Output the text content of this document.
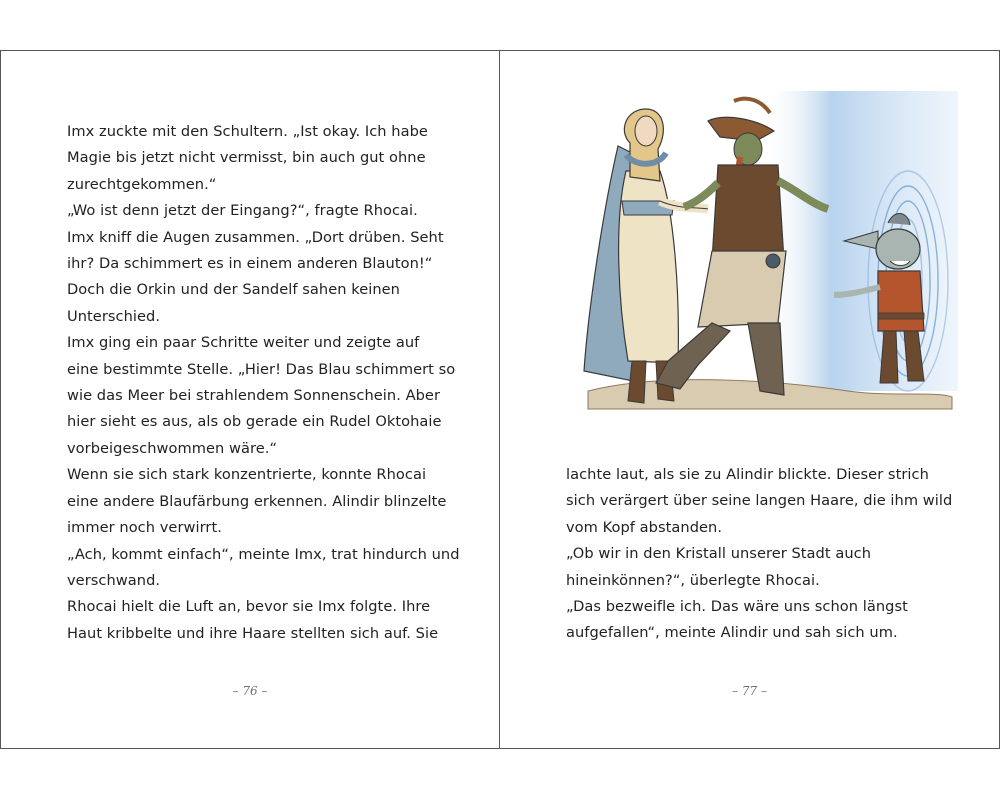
Imx zuckte mit den Schultern. „Ist okay. Ich habe
Magie bis jetzt nicht vermisst, bin auch gut ohne
zurechtgekommen.“
„Wo ist denn jetzt der Eingang?“, fragte Rhocai.
Imx kniff die Augen zusammen. „Dort drüben. Seht
ihr? Da schimmert es in einem anderen Blauton!“
Doch die Orkin und der Sandelf sahen keinen
Unterschied.
Imx ging ein paar Schritte weiter und zeigte auf
eine bestimmte Stelle. „Hier! Das Blau schimmert so
wie das Meer bei strahlendem Sonnenschein. Aber
hier sieht es aus, als ob gerade ein Rudel Oktohaie
vorbeigeschwommen wäre.“
Wenn sie sich stark konzentrierte, konnte Rhocai
eine andere Blaufärbung erkennen. Alindir blinzelte
immer noch verwirrt.
„Ach, kommt einfach“, meinte Imx, trat hindurch und
verschwand.
Rhocai hielt die Luft an, bevor sie Imx folgte. Ihre
Haut kribbelte und ihre Haare stellten sich auf. Sie
– 76 –
lachte laut, als sie zu Alindir blickte. Dieser strich
sich verärgert über seine langen Haare, die ihm wild
vom Kopf abstanden.
„Ob wir in den Kristall unserer Stadt auch
hineinkönnen?“, überlegte Rhocai.
„Das bezweifle ich. Das wäre uns schon längst
aufgefallen“, meinte Alindir und sah sich um.
– 77 –
